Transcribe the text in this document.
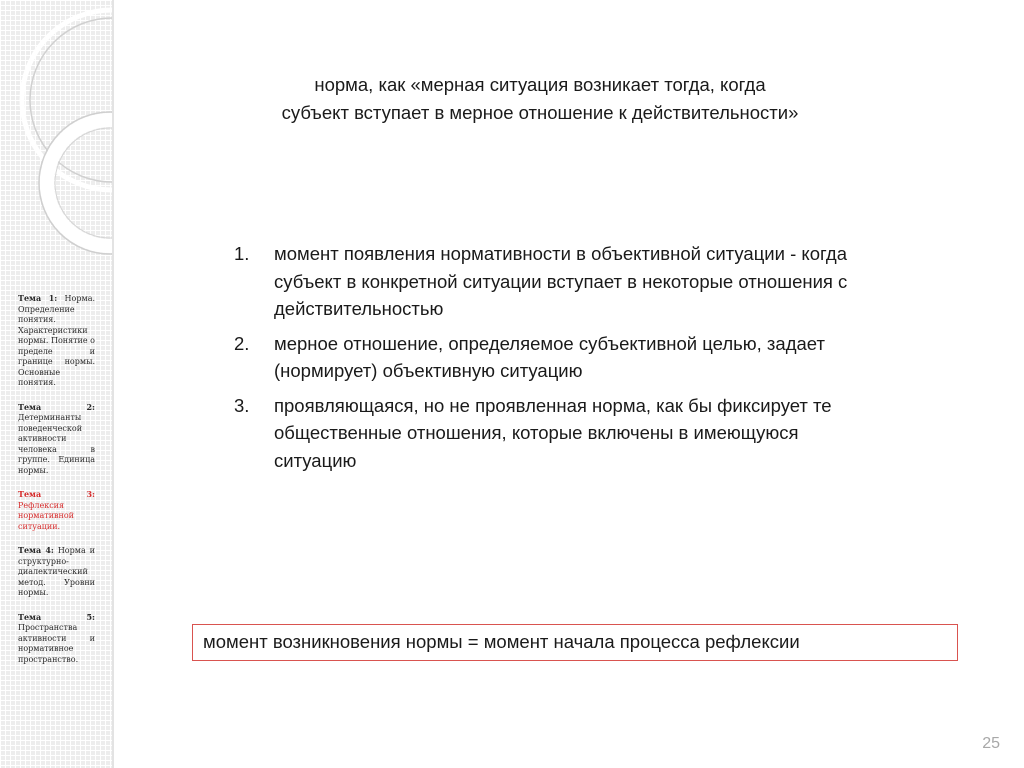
Тема 1: Норма. Определение понятия. Характеристики нормы. Понятие о пределе и границе нормы. Основные понятия.

Тема 2: Детерминанты поведенческой активности человека в группе. Единица нормы.

Тема 3: Рефлексия нормативной ситуации.

Тема 4: Норма и структурно-диалектический метод. Уровни нормы.

Тема 5: Пространства активности и нормативное пространство.

норма, как «мерная ситуация возникает тогда, когда
субъект вступает в мерное отношение к действительности»
1. момент появления нормативности в объективной ситуации - когда субъект в конкретной ситуации вступает в некоторые отношения с действительностью
2. мерное отношение, определяемое субъективной целью, задает (нормирует) объективную ситуацию
3. проявляющаяся, но не проявленная норма, как бы фиксирует те общественные отношения, которые включены в имеющуюся ситуацию
момент возникновения нормы = момент начала процесса рефлексии
25
